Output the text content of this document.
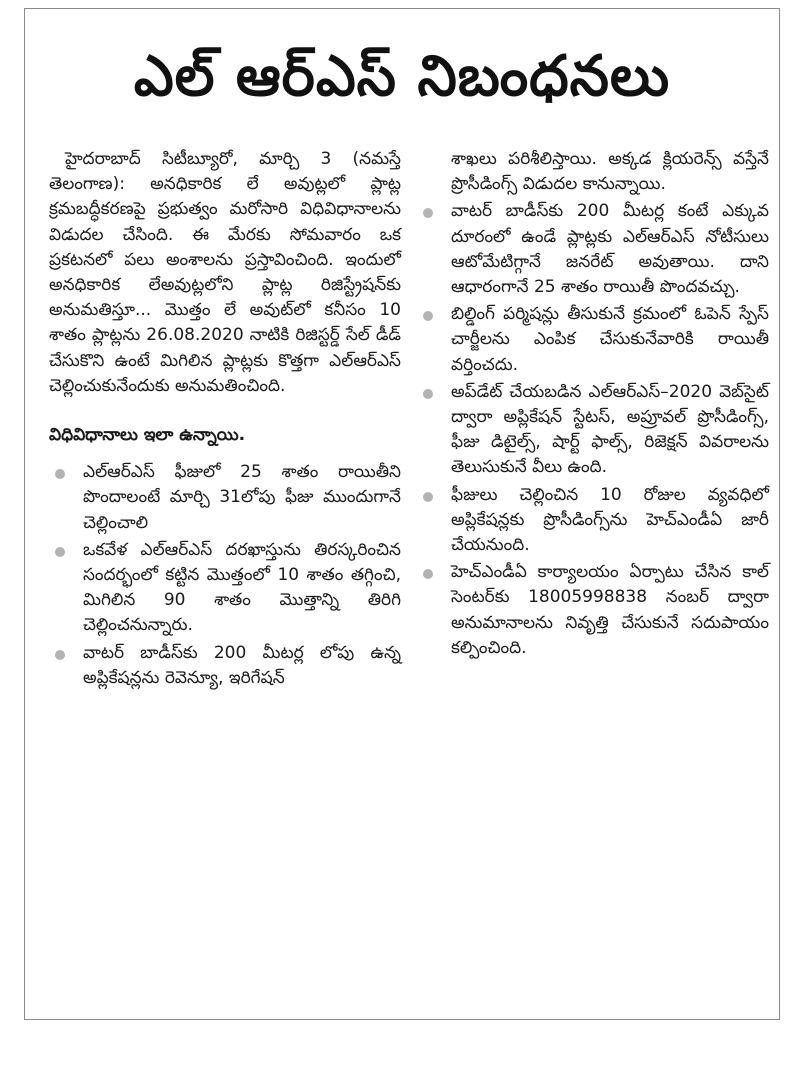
ఎల్ ఆర్ఎస్ నిబంధనలు

హైదరాబాద్ సిటీబ్యూరో, మార్చి 3 (నమస్తే తెలంగాణ): అనధికారిక లే అవుట్లలో ప్లాట్ల క్రమబద్ధీకరణపై ప్రభుత్వం మరోసారి విధివిధానాలను విడుదల చేసింది. ఈ మేరకు సోమవారం ఒక ప్రకటనలో పలు అంశాలను ప్రస్తావించింది. ఇందులో అనధికారిక లేఅవుట్లలోని ప్లాట్ల రిజిస్ట్రేషన్‌కు అనుమతిస్తూ... మొత్తం లే అవుట్‌లో కనీసం 10 శాతం ప్లాట్లను 26.08.2020 నాటికి రిజిస్టర్డ్ సేల్ డీడ్ చేసుకొని ఉంటే మిగిలిన ప్లాట్లకు కొత్తగా ఎల్ఆర్ఎస్ చెల్లించుకునేందుకు అనుమతించింది.

విధివిధానాలు ఇలా ఉన్నాయి.
ఎల్ఆర్ఎస్ ఫీజులో 25 శాతం రాయితీని పొందాలంటే మార్చి 31లోపు ఫీజు ముందుగానే చెల్లించాలి
ఒకవేళ ఎల్ఆర్ఎస్ దరఖాస్తును తిరస్కరించిన సందర్భంలో కట్టిన మొత్తంలో 10 శాతం తగ్గించి, మిగిలిన 90 శాతం మొత్తాన్ని తిరిగి చెల్లించనున్నారు.
వాటర్ బాడీస్‌కు 200 మీటర్ల లోపు ఉన్న అప్లికేషన్లను రెవెన్యూ, ఇరిగేషన్

శాఖలు పరిశీలిస్తాయి. అక్కడ క్లియరెన్స్ వస్తేనే ప్రొసీడింగ్స్ విడుదల కానున్నాయి.

వాటర్ బాడీస్‌కు 200 మీటర్ల కంటే ఎక్కువ దూరంలో ఉండే ప్లాట్లకు ఎల్ఆర్ఎస్ నోటీసులు ఆటోమేటిగ్గానే జనరేట్ అవుతాయి. దాని ఆధారంగానే 25 శాతం రాయితీ పొందవచ్చు.
బిల్డింగ్ పర్మిషన్లు తీసుకునే క్రమంలో ఓపెన్ స్పేస్ చార్జీలను ఎంపిక చేసుకునేవారికి రాయితీ వర్తించదు.
అప్‌డేట్ చేయబడిన ఎల్ఆర్ఎస్–2020 వెబ్‌సైట్ ద్వారా అప్లికేషన్ స్టేటస్, అప్రూవల్ ప్రొసీడింగ్స్, ఫీజు డిటైల్స్, షార్ట్ ఫాల్స్, రిజెక్షన్ వివరాలను తెలుసుకునే వీలు ఉంది.
ఫీజులు చెల్లించిన 10 రోజుల వ్యవధిలో అప్లికేషన్లకు ప్రొసీడింగ్స్‌ను హెచ్ఎండీఏ జారీ చేయనుంది.
హెచ్ఎండీఏ కార్యాలయం ఏర్పాటు చేసిన కాల్ సెంటర్‌కు 18005998838 నంబర్ ద్వారా అనుమానాలను నివృత్తి చేసుకునే సదుపాయం కల్పించింది.
